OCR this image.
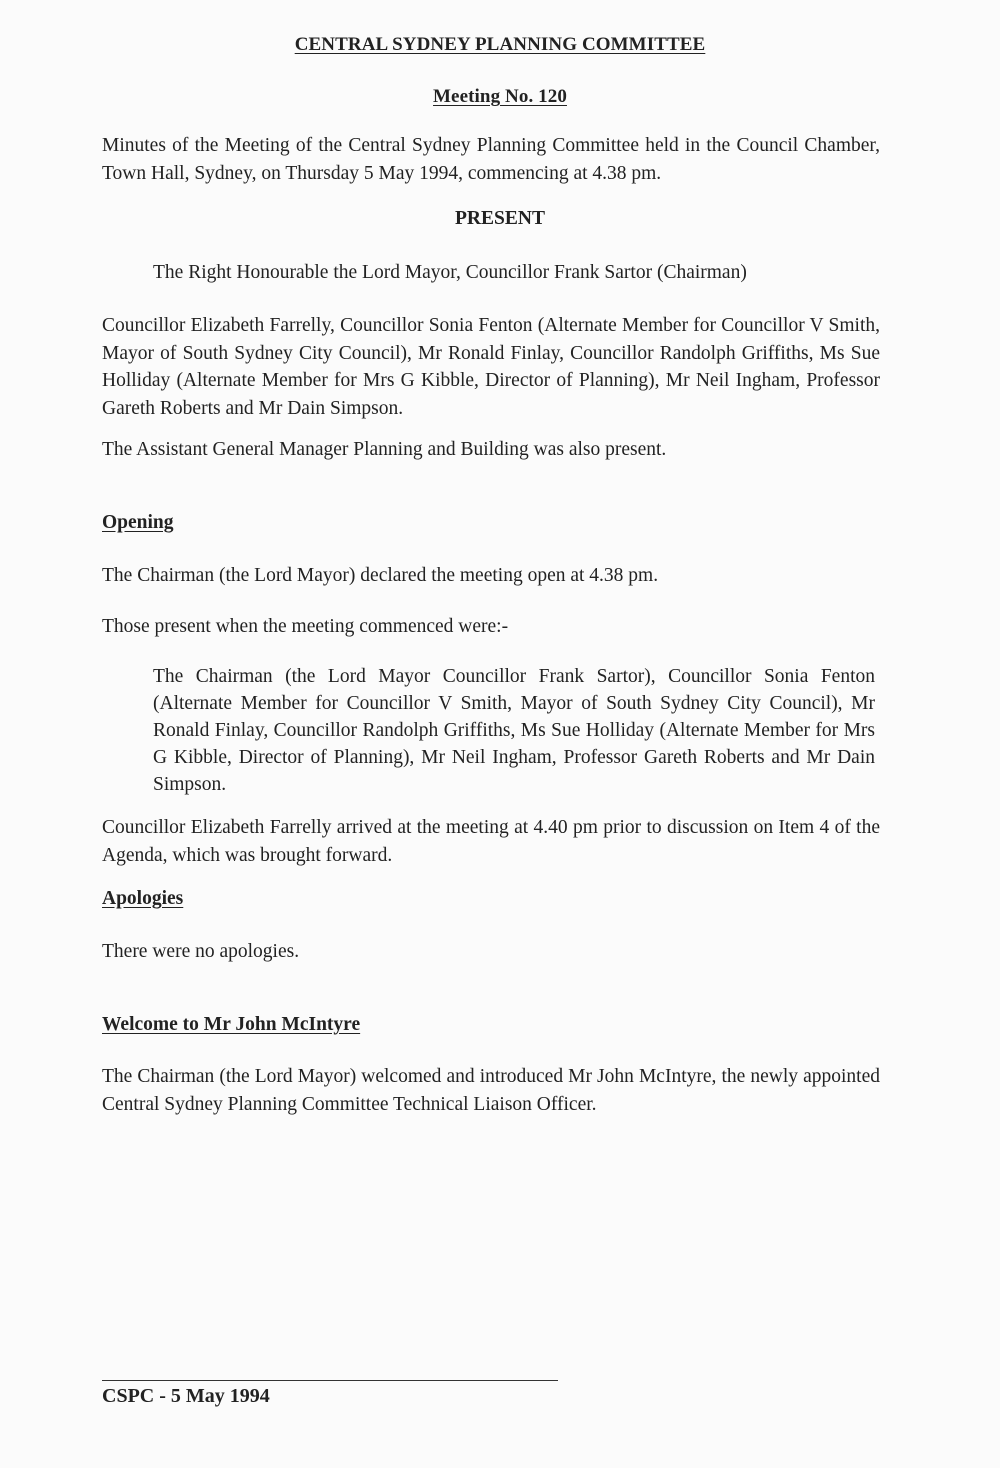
CENTRAL SYDNEY PLANNING COMMITTEE
Meeting No. 120

Minutes of the Meeting of the Central Sydney Planning Committee held in the Council Chamber, Town Hall, Sydney, on Thursday 5 May 1994, commencing at 4.38 pm.

PRESENT

The Right Honourable the Lord Mayor, Councillor Frank Sartor (Chairman)

Councillor Elizabeth Farrelly, Councillor Sonia Fenton (Alternate Member for Councillor V Smith, Mayor of South Sydney City Council), Mr Ronald Finlay, Councillor Randolph Griffiths, Ms Sue Holliday (Alternate Member for Mrs G Kibble, Director of Planning), Mr Neil Ingham, Professor Gareth Roberts and Mr Dain Simpson.

The Assistant General Manager Planning and Building was also present.

Opening

The Chairman (the Lord Mayor) declared the meeting open at 4.38 pm.

Those present when the meeting commenced were:-

The Chairman (the Lord Mayor Councillor Frank Sartor), Councillor Sonia Fenton (Alternate Member for Councillor V Smith, Mayor of South Sydney City Council), Mr Ronald Finlay, Councillor Randolph Griffiths, Ms Sue Holliday (Alternate Member for Mrs G Kibble, Director of Planning), Mr Neil Ingham, Professor Gareth Roberts and Mr Dain Simpson.

Councillor Elizabeth Farrelly arrived at the meeting at 4.40 pm prior to discussion on Item 4 of the Agenda, which was brought forward.

Apologies

There were no apologies.

Welcome to Mr John McIntyre

The Chairman (the Lord Mayor) welcomed and introduced Mr John McIntyre, the newly appointed Central Sydney Planning Committee Technical Liaison Officer.

CSPC - 5 May 1994
